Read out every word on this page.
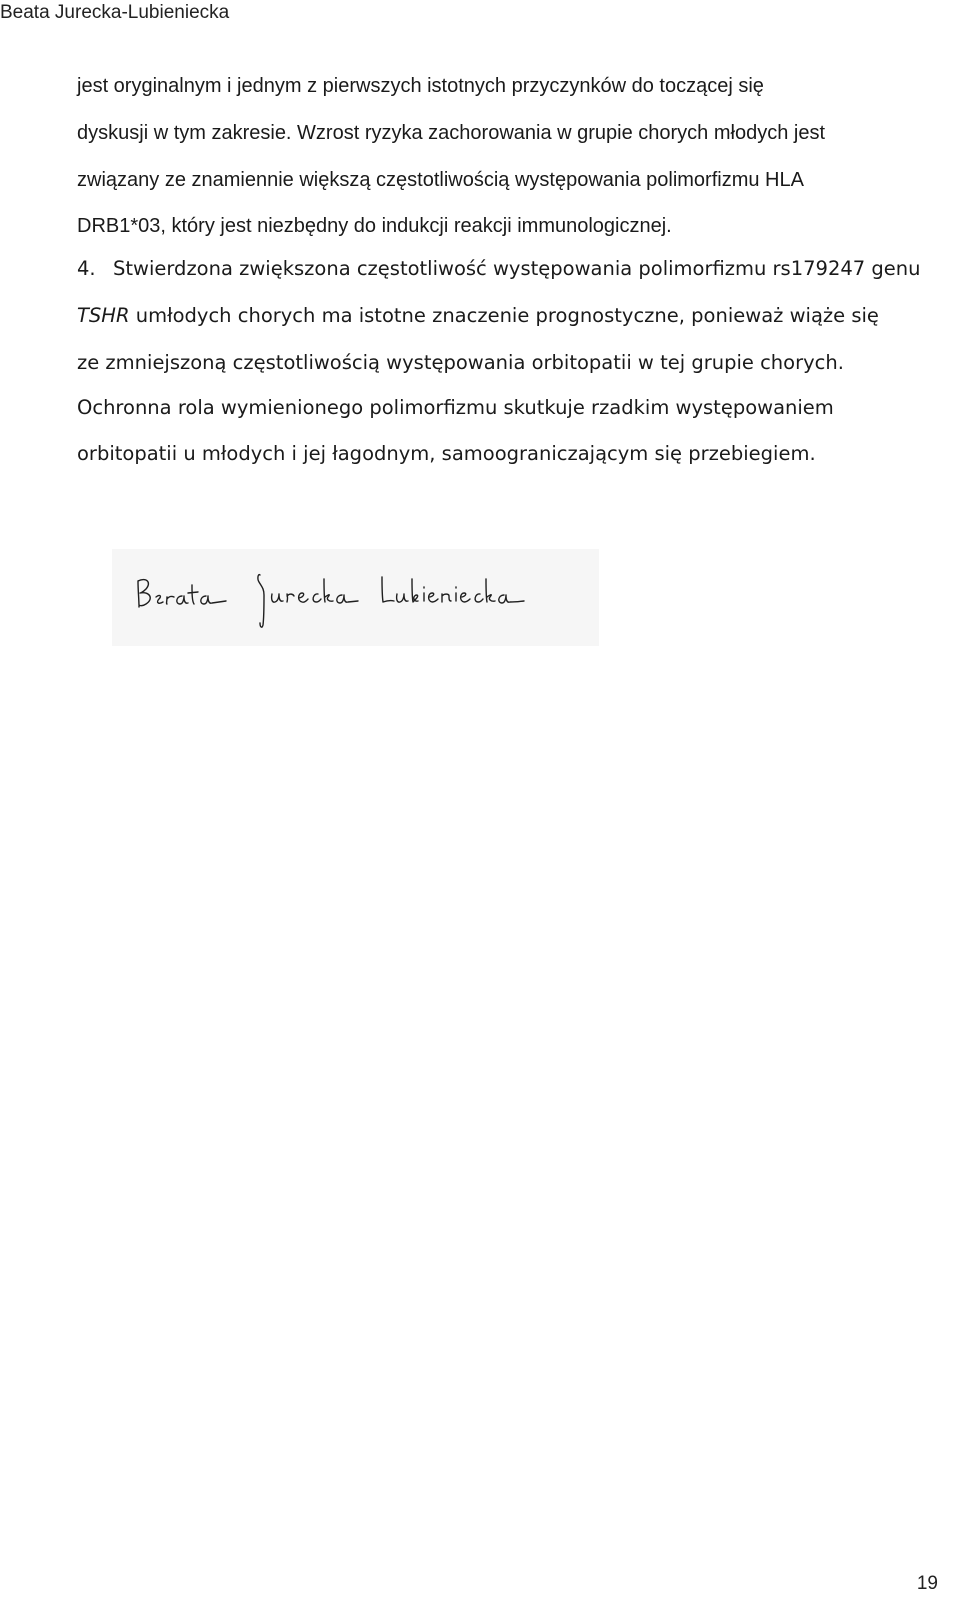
Beata Jurecka-Lubieniecka
jest oryginalnym i jednym z pierwszych istotnych przyczynków do toczącej się
dyskusji w tym zakresie. Wzrost ryzyka zachorowania w grupie chorych młodych jest
związany ze znamiennie większą częstotliwością występowania polimorfizmu HLA
DRB1*03, który jest niezbędny do indukcji reakcji immunologicznej.
4. Stwierdzona zwiększona częstotliwość występowania polimorfizmu rs179247 genu
TSHR umłodych chorych ma istotne znaczenie prognostyczne, ponieważ wiąże się
ze zmniejszoną częstotliwością występowania orbitopatii w tej grupie chorych.
Ochronna rola wymienionego polimorfizmu skutkuje rzadkim występowaniem
orbitopatii u młodych i jej łagodnym, samoograniczającym się przebiegiem.
19
